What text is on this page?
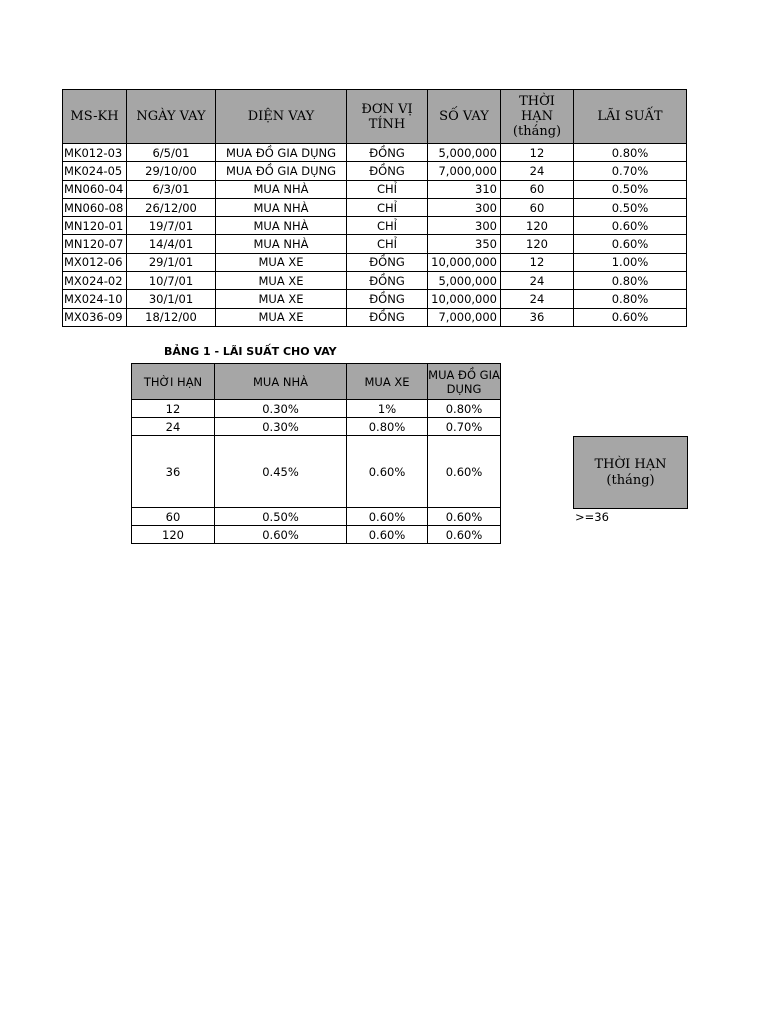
MS-KH	NGÀY VAY	DIỆN VAY	ĐƠN VỊ TÍNH	SỐ VAY	THỜI HẠN (tháng)	LÃI SUẤT
MK012-03	6/5/01	MUA ĐỒ GIA DỤNG	ĐỒNG	5,000,000	12	0.80%
MK024-05	29/10/00	MUA ĐỒ GIA DỤNG	ĐỒNG	7,000,000	24	0.70%
MN060-04	6/3/01	MUA NHÀ	CHỈ	310	60	0.50%
MN060-08	26/12/00	MUA NHÀ	CHỈ	300	60	0.50%
MN120-01	19/7/01	MUA NHÀ	CHỈ	300	120	0.60%
MN120-07	14/4/01	MUA NHÀ	CHỈ	350	120	0.60%
MX012-06	29/1/01	MUA XE	ĐỒNG	10,000,000	12	1.00%
MX024-02	10/7/01	MUA XE	ĐỒNG	5,000,000	24	0.80%
MX024-10	30/1/01	MUA XE	ĐỒNG	10,000,000	24	0.80%
MX036-09	18/12/00	MUA XE	ĐỒNG	7,000,000	36	0.60%
BẢNG 1 - LÃI SUẤT CHO VAY
THỜI HẠN	MUA NHÀ	MUA XE	MUA ĐỒ GIA DỤNG
12	0.30%	1%	0.80%
24	0.30%	0.80%	0.70%
36	0.45%	0.60%	0.60%
60	0.50%	0.60%	0.60%
120	0.60%	0.60%	0.60%
THỜI HẠN
(tháng)
>=36
